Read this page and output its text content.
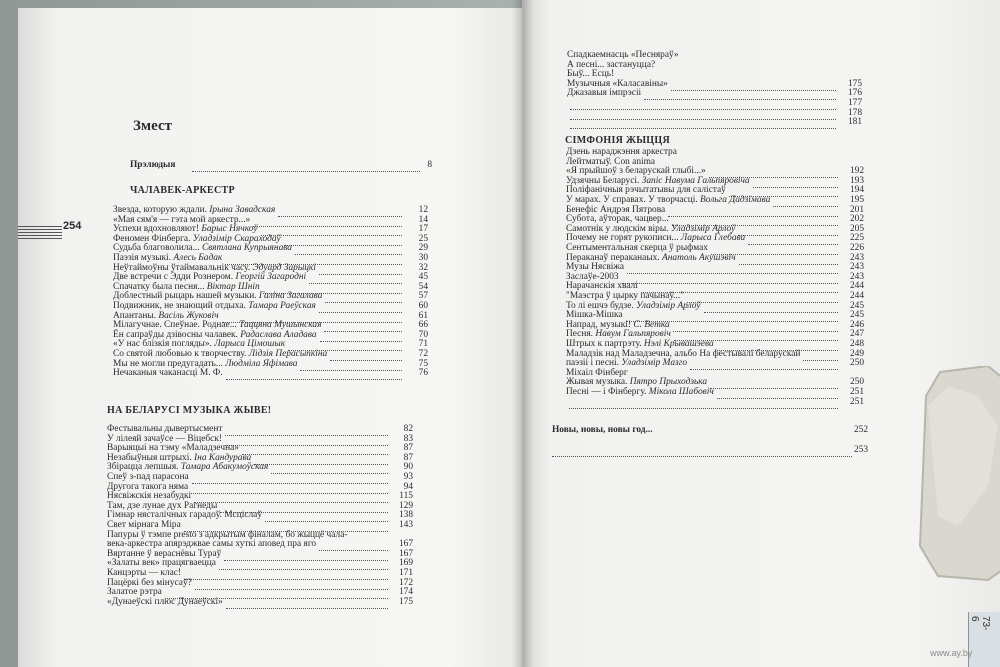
Змест
254
Прэлюдыя	8
ЧАЛАВЕК-АРКЕСТР
Звезда, которую ждали. Ірына Завадская	12
«Мая сям'я — гэта мой аркестр...»	14
Успехи вдохновляют! Барыс Нячкоў	17
Феномен Фінберга. Уладзімір Скараходаў	25
Судьба благоволила... Святлана Купрыянава	29
Паэзія музыкі. Алесь Бадак	30
Неўтаймоўны ўтаймавальнік часу. Эдуард Зарыцкі	32
Две встречи с Эдди Рознером. Георгій Загародні	45
Спачатку была песня... Віктар Шніп	54
Доблестный рыцарь нашей музыки. Галіна Загалава	57
Подвижник, не знающий отдыха. Тамара Раеўская	60
Апантаны. Васіль Жуковіч	61
Мілагучнае. Спеўнае. Роднае... Таццяна Мушынская	66
Ён сапраўды дзівосны чалавек. Радаслава Аладава	70
«У нас блізкія погляды». Ларыса Цімошык	71
Со святой любовью к творчеству. Лідзія Перасыпкіна	72
Мы не могли предугадать... Людміла Яфімава	75
Нечаканыя чаканасці М. Ф.	76
НА БЕЛАРУСІ МУЗЫКА ЖЫВЕ!
Фестывальны дывертысмент	82
У лілеяй зачаўсе — Віцебск!	83
Варыяцыі на тэму «Маладзечна»	87
Незабыўныя штрыхі. Іна Кандурава	87
Збірацца лепшыя. Тамара Абакумоўская	90
Спеў з-пад парасона	93
Другога такога няма	94
Нясвіжскія незабудкі	115
Там, дзе лунае дух Рагнеды	129
Гімнар нясталічных гарадоў. Мсціслаў	138
Свет мірнага Міра	143
Папуры ў тэмпе presto з адкрытым фіналам, бо жыццё чала-
века-аркестра апярэджвае самы хуткі аповед пра яго	167
Вяртанне ў вераснёвы Тураў	167
«Залаты век» працягваецца	169
Канцэрты — клас!	171
Пацёркі без мінусаў?	172
Залатое рэтра	174
«Дунаеўскі плюс Дунаеўскі»	175
Спадкаемнасць «Песняраў»
А песні... застануцца?
Быў... Есць!
Музычныя «Каласавіны»	175
Джазавыя імпрэсіі	176
177
178
181
СІМФОНІЯ ЖЫЦЦЯ
Дзень нараджэння аркестра
Лейтматыў. Con anima
«Я прыйшоў з беларускай глыбі...»	192
Удзячны Беларусі. Запіс Навума Гальпяровіча	193
Поліфанічныя рэчытатывы для салістаў	194
У марах. У справах. У творчасці. Вольга Дадзімава	195
Бенефіс Андрэя Пятрова	201
Субота, аўторак, чацвер...	202
Самотнік у людскім віры. Уладзімір Арлоў	205
Почему не горят рукописи... Ларыса Глебава	225
Сентыментальная скерца ў рыфмах	226
Пераканаў пераканаых. Анатоль Акушэвіч	243
Музы Нясвіжа	243
Заслаўе-2003	243
Нарачанскія хвалі	244
"Маэстра ў цырку пачынаў..."	244
То лі ешчэ будзе. Уладзімір Арлоў	245
Мішка-Мішка	245
Напрад, музыкі! С. Ветка	246
Песня. Навум Гальпяровіч	247
Штрых к партрэту. Нэлі Крывашэева	248
Маладзік над Маладзечна, альбо На фестывалі беларускай	249
паэзіі і песні. Уладзімір Мазго	250
Міхаіл Фінберг
Жывая музыка. Пятро Прыходзька	250
Песні — і Фінбергу. Мікола Шабовіч	251
251
Новы, новы, новы год...	252
253
73-6
www.ay.by
